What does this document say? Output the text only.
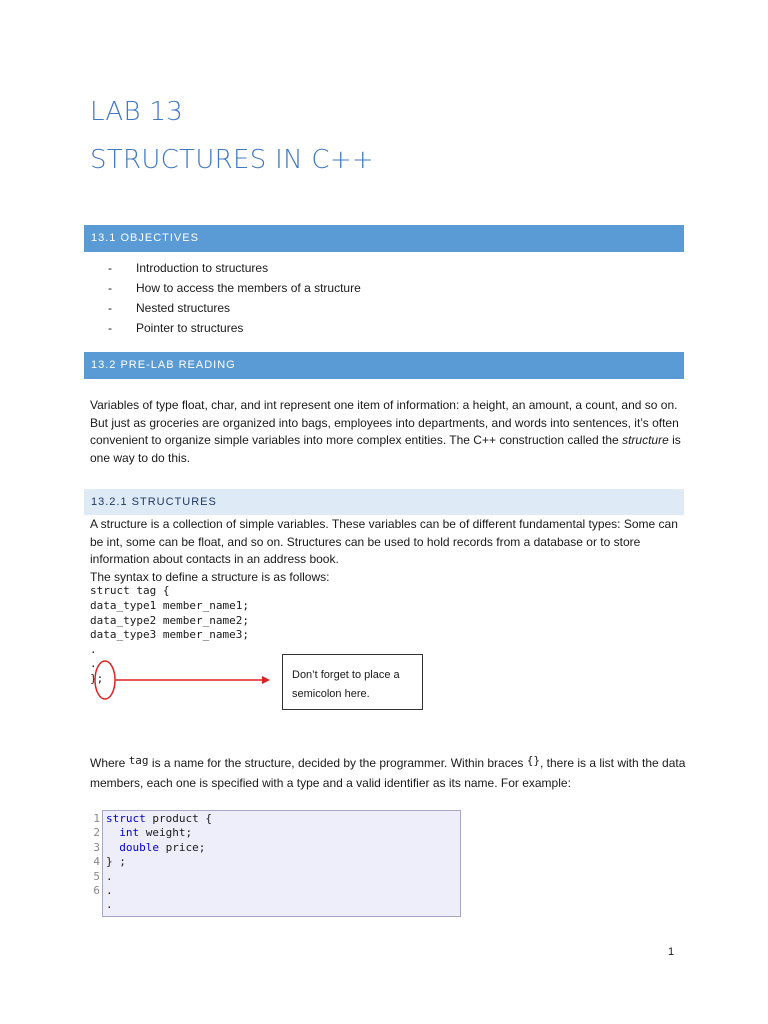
LAB 13
STRUCTURES IN C++
13.1 OBJECTIVES
- Introduction to structures
- How to access the members of a structure
- Nested structures
- Pointer to structures
13.2 PRE-LAB READING
Variables of type float, char, and int represent one item of information: a height, an amount, a count, and so on. But just as groceries are organized into bags, employees into departments, and words into sentences, it’s often convenient to organize simple variables into more complex entities. The C++ construction called the structure is one way to do this.
13.2.1 STRUCTURES
A structure is a collection of simple variables. These variables can be of different fundamental types: Some can be int, some can be float, and so on. Structures can be used to hold records from a database or to store information about contacts in an address book.
The syntax to define a structure is as follows:
struct tag {
data_type1 member_name1;
data_type2 member_name2;
data_type3 member_name3;
.
.
};	Don’t forget to place a semicolon here.
Where tag is a name for the structure, decided by the programmer. Within braces {}, there is a list with the data members, each one is specified with a type and a valid identifier as its name. For example:
1
2
3
4
5
6
struct product {
int weight;
double price;
} ;
.
.
.
1
